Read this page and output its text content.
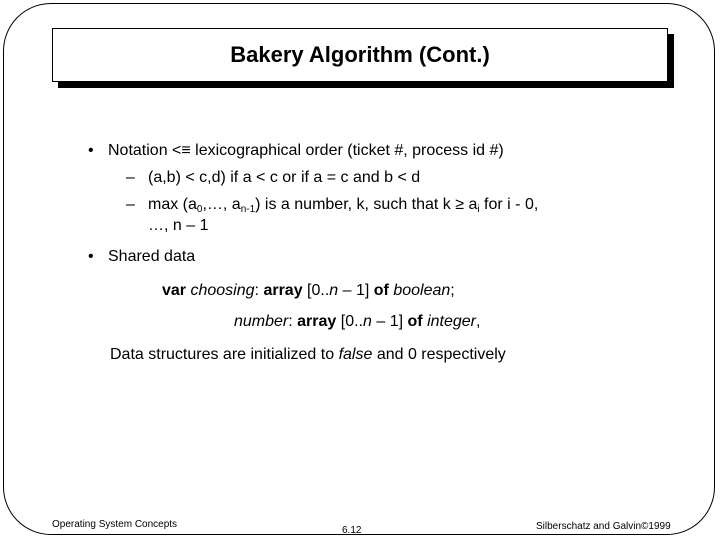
Bakery Algorithm (Cont.)
• Notation <≡ lexicographical order (ticket #, process id #)
– (a,b) < c,d) if a < c or if a = c and b < d
– $\max (a_0,\dots$, $a_{n-1}$) is a number, k, such that $k \ge a_i$ for i - 0,
…, n – 1
• Shared data
var choosing: array [0..n – 1] of boolean;
number: array [0..n – 1] of integer,
Data structures are initialized to false and 0 respectively
Operating System Concepts
6.12	Silberschatz and Galvin©1999
